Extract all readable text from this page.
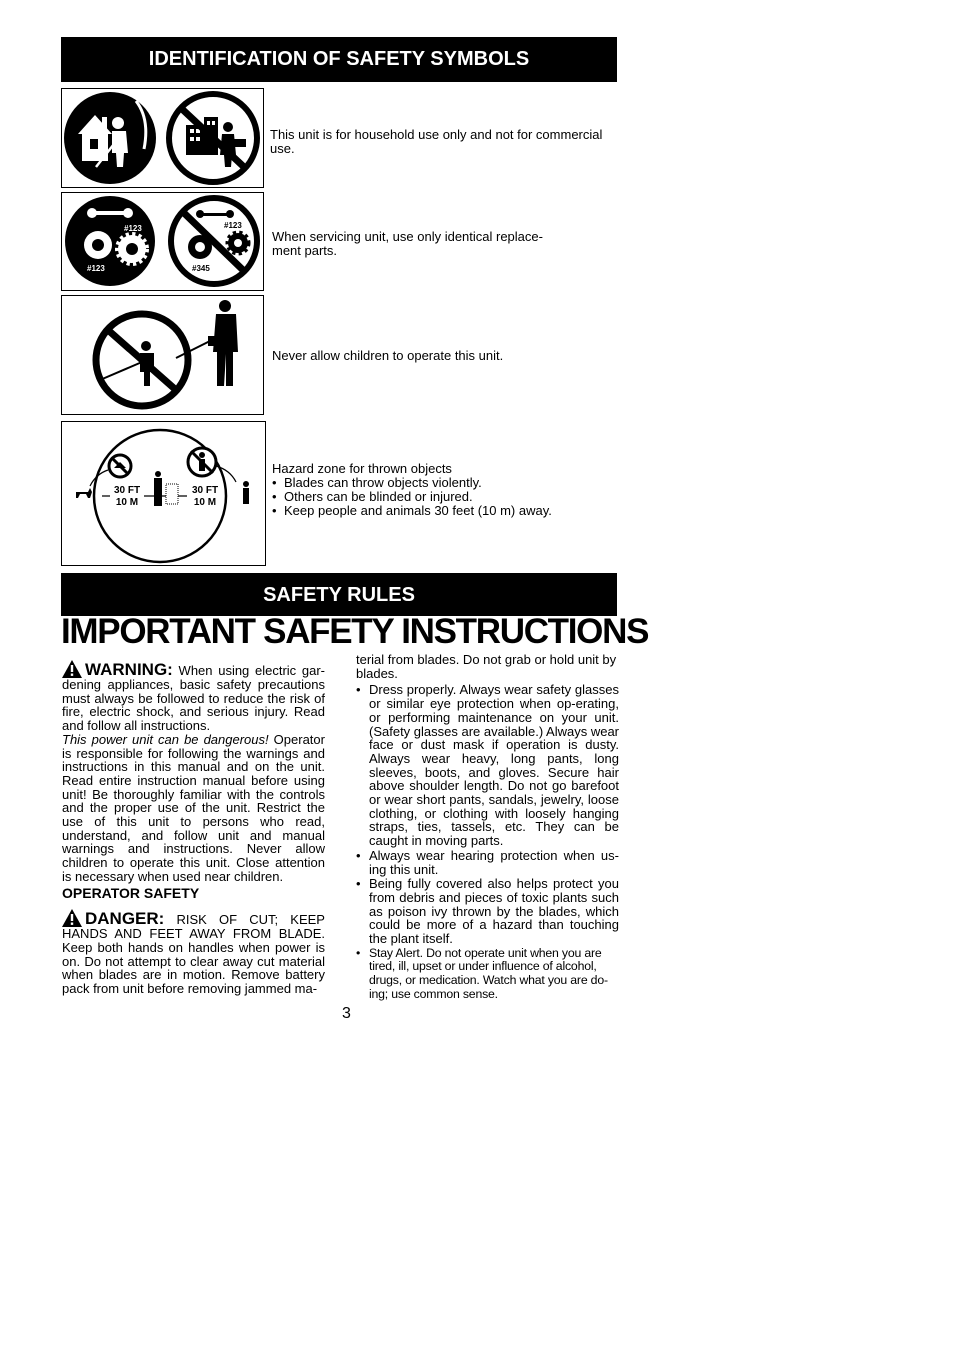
IDENTIFICATION OF SAFETY SYMBOLS
This unit is for household use only and not for commercial use.
#123
#123
#123
#345
When servicing unit, use only identical replace-ment parts.
Never allow children to operate this unit.
30 FT
10 M
30 FT
10 M
Hazard zone for thrown objects
• Blades can throw objects violently.
• Others can be blinded or injured.
• Keep people and animals 30 feet (10 m) away.
SAFETY RULES
IMPORTANT SAFETY INSTRUCTIONS
WARNING: When using electric gar-dening appliances, basic safety precautions must always be followed to reduce the risk of fire, electric shock, and serious injury. Read and follow all instructions.
This power unit can be dangerous! Operator is responsible for following the warnings and instructions in this manual and on the unit. Read entire instruction manual before using unit! Be thoroughly familiar with the controls and the proper use of the unit. Restrict the use of this unit to persons who read, understand, and follow unit and manual warnings and instructions. Never allow children to operate this unit. Close attention is necessary when used near children.
OPERATOR SAFETY
DANGER: RISK OF CUT; KEEP HANDS AND FEET AWAY FROM BLADE. Keep both hands on handles when power is on. Do not attempt to clear away cut material when blades are in motion. Remove battery pack from unit before removing jammed ma-
terial from blades. Do not grab or hold unit by blades.
• Dress properly. Always wear safety glasses or similar eye protection when op-erating, or performing maintenance on your unit. (Safety glasses are available.) Always wear face or dust mask if operation is dusty. Always wear heavy, long pants, long sleeves, boots, and gloves. Secure hair above shoulder length. Do not go barefoot or wear short pants, sandals, jewelry, loose clothing, or clothing with loosely hanging straps, ties, tassels, etc. They can be caught in moving parts.
• Always wear hearing protection when us-ing this unit.
• Being fully covered also helps protect you from debris and pieces of toxic plants such as poison ivy thrown by the blades, which could be more of a hazard than touching the plant itself.
• Stay Alert. Do not operate unit when you are tired, ill, upset or under influence of alcohol, drugs, or medication. Watch what you are do-ing; use common sense.
3
